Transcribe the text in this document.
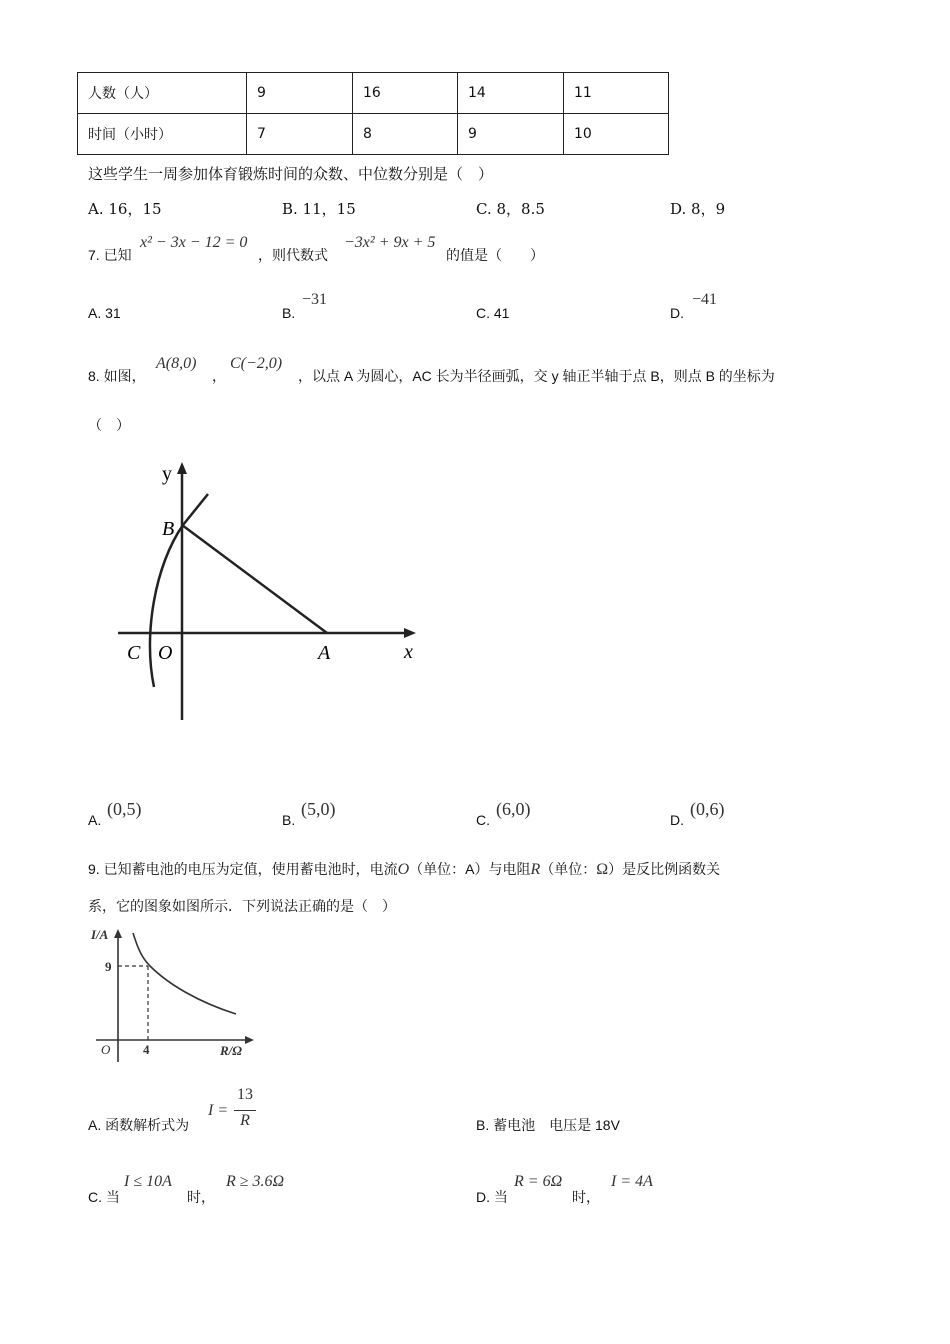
人数（人）	9	16	14	11
时间（小时）	7	8	9	10
这些学生一周参加体育锻炼时间的众数、中位数分别是（　）
A. 16，15	B. 11，15	C. 8，8.5	D. 8，9
7. 已知
x² − 3x − 12 = 0
，则代数式
−3x² + 9x + 5
的值是（　　）
A. 31	B.
−31
C. 41	D.
−41
8. 如图，
A(8,0)
，
C(−2,0)
，以点 A 为圆心，AC 长为半径画弧，交 y 轴正半轴于点 B，则点 B 的坐标为
（　）
y
x
B
C O	A
A.
(0,5)
B.
(5,0)
C.
(6,0)
D.
(0,6)
9. 已知蓄电池的电压为定值，使用蓄电池时，电流O（单位：A）与电阻R（单位：Ω）是反比例函数关
系，它的图象如图所示．下列说法正确的是（　）
I/A
R/Ω
O
9
4
A. 函数解析式为
I =
13
R	B. 蓄电池　电压是 18V
C. 当
I ≤ 10A
时，
R ≥ 3.6Ω
D. 当
R = 6Ω
时，
I = 4A
